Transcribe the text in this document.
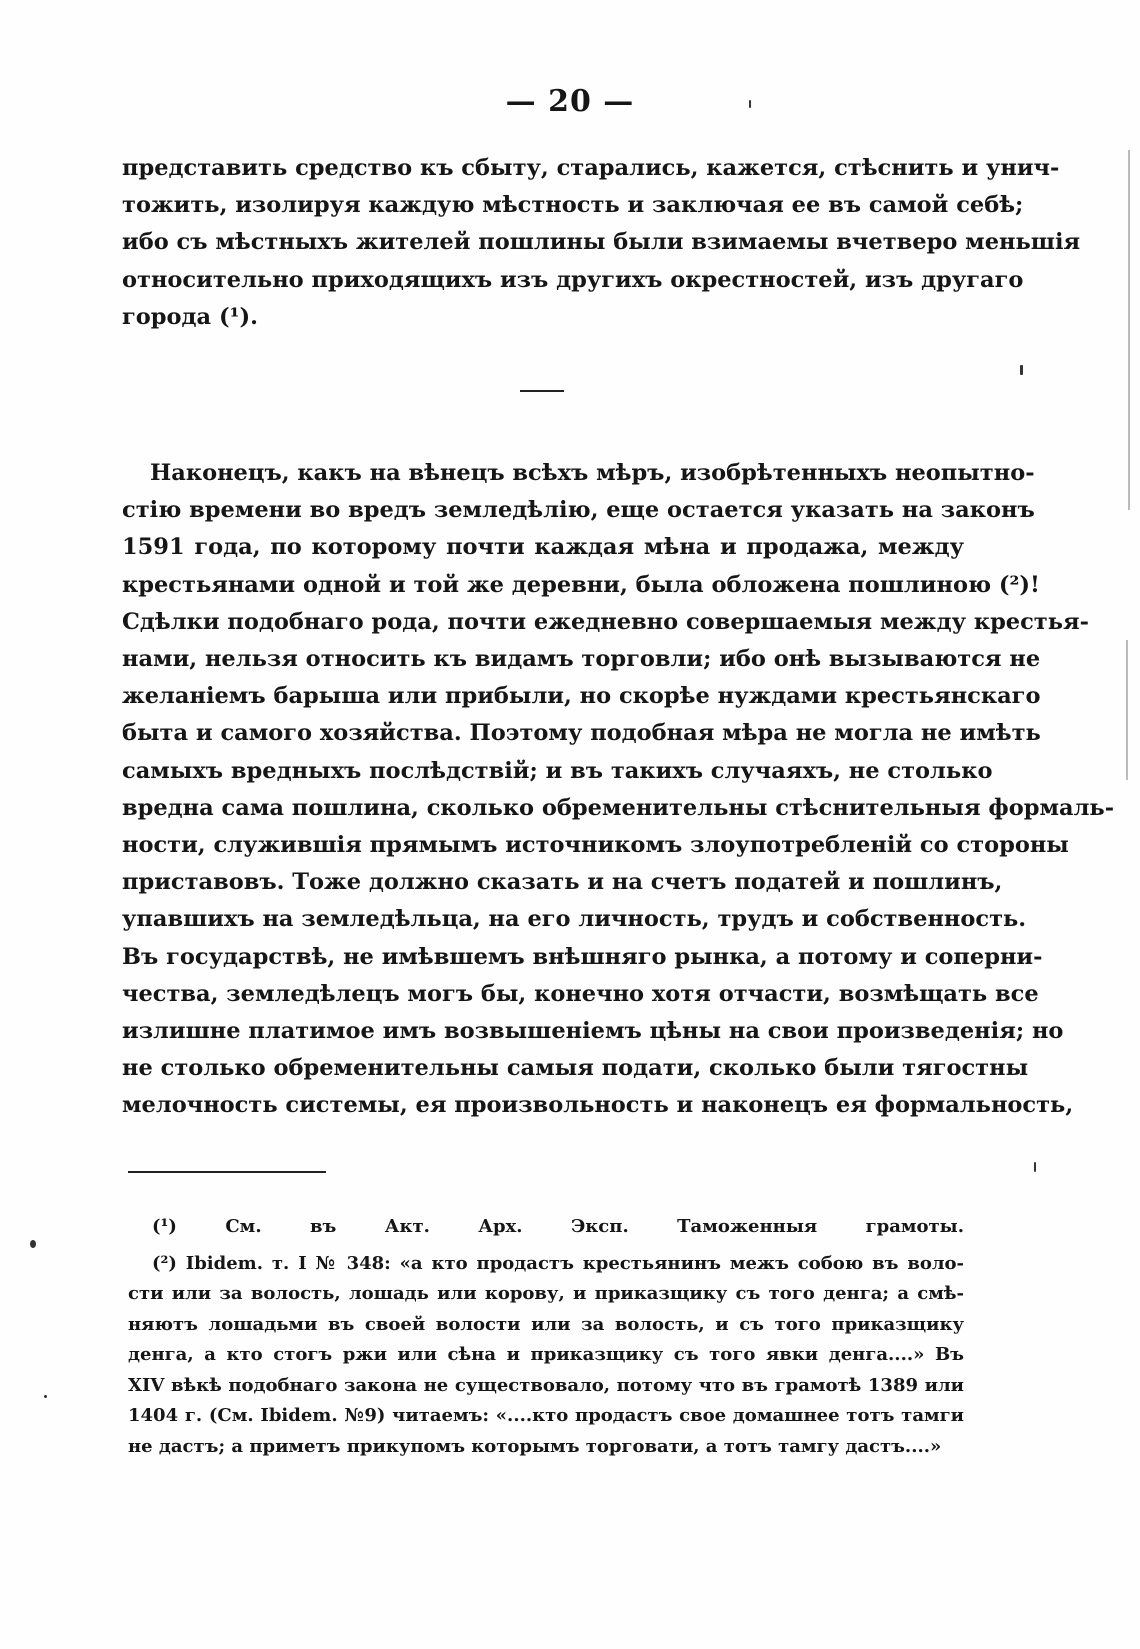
— 20 —
представить средство къ сбыту, старались, кажется, стѣснить и унич-
тожить, изолируя каждую мѣстность и заключая ее въ самой себѣ;
ибо съ мѣстныхъ жителей пошлины были взимаемы вчетверо меньшія
относительно приходящихъ изъ другихъ окрестностей, изъ другаго
города (¹).
Наконецъ, какъ на вѣнецъ всѣхъ мѣръ, изобрѣтенныхъ неопытно-
стію времени во вредъ земледѣлію, еще остается указать на законъ
1591 года, по которому почти каждая мѣна и продажа, между
крестьянами одной и той же деревни, была обложена пошлиною (²)!
Сдѣлки подобнаго рода, почти ежедневно совершаемыя между крестья-
нами, нельзя относить къ видамъ торговли; ибо онѣ вызываются не
желаніемъ барыша или прибыли, но скорѣе нуждами крестьянскаго
быта и самого хозяйства. Поэтому подобная мѣра не могла не имѣть
самыхъ вредныхъ послѣдствій; и въ такихъ случаяхъ, не столько
вредна сама пошлина, сколько обременительны стѣснительныя формаль-
ности, служившія прямымъ источникомъ злоупотребленій со стороны
приставовъ. Тоже должно сказать и на счетъ податей и пошлинъ,
упавшихъ на земледѣльца, на его личность, трудъ и собственность.
Въ государствѣ, не имѣвшемъ внѣшняго рынка, а потому и соперни-
чества, земледѣлецъ могъ бы, конечно хотя отчасти, возмѣщать все
излишне платимое имъ возвышеніемъ цѣны на свои произведенія; но
не столько обременительны самыя подати, сколько были тягостны
мелочность системы, ея произвольность и наконецъ ея формальность,
(¹) См. въ Акт. Арх. Эксп. Таможенныя грамоты.
(²) Ibidem. т. I № 348: «а кто продастъ крестьянинъ межъ собою въ воло-
сти или за волость, лошадь или корову, и приказщику съ того денга; а смѣ-
няютъ лошадьми въ своей волости или за волость, и съ того приказщику
денга, а кто стогъ ржи или сѣна и приказщику съ того явки денга....» Въ
XIV вѣкѣ подобнаго закона не существовало, потому что въ грамотѣ 1389 или
1404 г. (См. Ibidem. №9) читаемъ: «....кто продастъ свое домашнее тотъ тамги
не дастъ; а приметъ прикупомъ которымъ торговати, а тотъ тамгу дастъ....»
